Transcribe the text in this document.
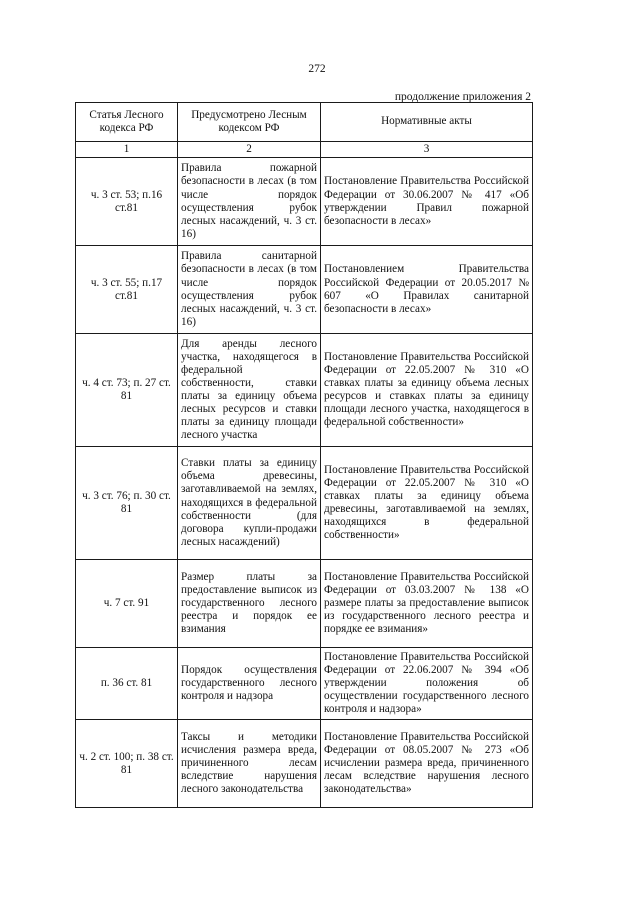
272
продолжение приложения 2
Статья Лесного кодекса РФ	Предусмотрено Лесным кодексом РФ	Нормативные акты
1	2	3
ч. 3 ст. 53; п.16 ст.81	Правила пожарной безопасности в лесах (в том числе порядок осуществления рубок лесных насаждений, ч. 3 ст. 16)	Постановление Правительства Российской Федерации от 30.06.2007 № 417 «Об утверждении Правил пожарной безопасности в лесах»
ч. 3 ст. 55; п.17 ст.81	Правила санитарной безопасности в лесах (в том числе порядок осуществления рубок лесных насаждений, ч. 3 ст. 16)	Постановлением Правительства Российской Федерации от 20.05.2017 № 607 «О Правилах санитарной безопасности в лесах»
ч. 4 ст. 73; п. 27 ст. 81	Для аренды лесного участка, находящегося в федеральной собственности, ставки платы за единицу объема лесных ресурсов и ставки платы за единицу площади лесного участка	Постановление Правительства Российской Федерации от 22.05.2007 № 310 «О ставках платы за единицу объема лесных ресурсов и ставках платы за единицу площади лесного участка, находящегося в федеральной собственности»
ч. 3 ст. 76; п. 30 ст. 81	Ставки платы за единицу объема древесины, заготавливаемой на землях, находящихся в федеральной собственности (для договора купли-продажи лесных насаждений)	Постановление Правительства Российской Федерации от 22.05.2007 № 310 «О ставках платы за единицу объема древесины, заготавливаемой на землях, находящихся в федеральной собственности»
ч. 7 ст. 91	Размер платы за предоставление выписок из государственного лесного реестра и порядок ее взимания	Постановление Правительства Российской Федерации от 03.03.2007 № 138 «О размере платы за предоставление выписок из государственного лесного реестра и порядке ее взимания»
п. 36 ст. 81	Порядок осуществления государственного лесного контроля и надзора	Постановление Правительства Российской Федерации от 22.06.2007 № 394 «Об утверждении положения об осуществлении государственного лесного контроля и надзора»
ч. 2 ст. 100; п. 38 ст. 81	Таксы и методики исчисления размера вреда, причиненного лесам вследствие нарушения лесного законодательства	Постановление Правительства Российской Федерации от 08.05.2007 № 273 «Об исчислении размера вреда, причиненного лесам вследствие нарушения лесного законодательства»
